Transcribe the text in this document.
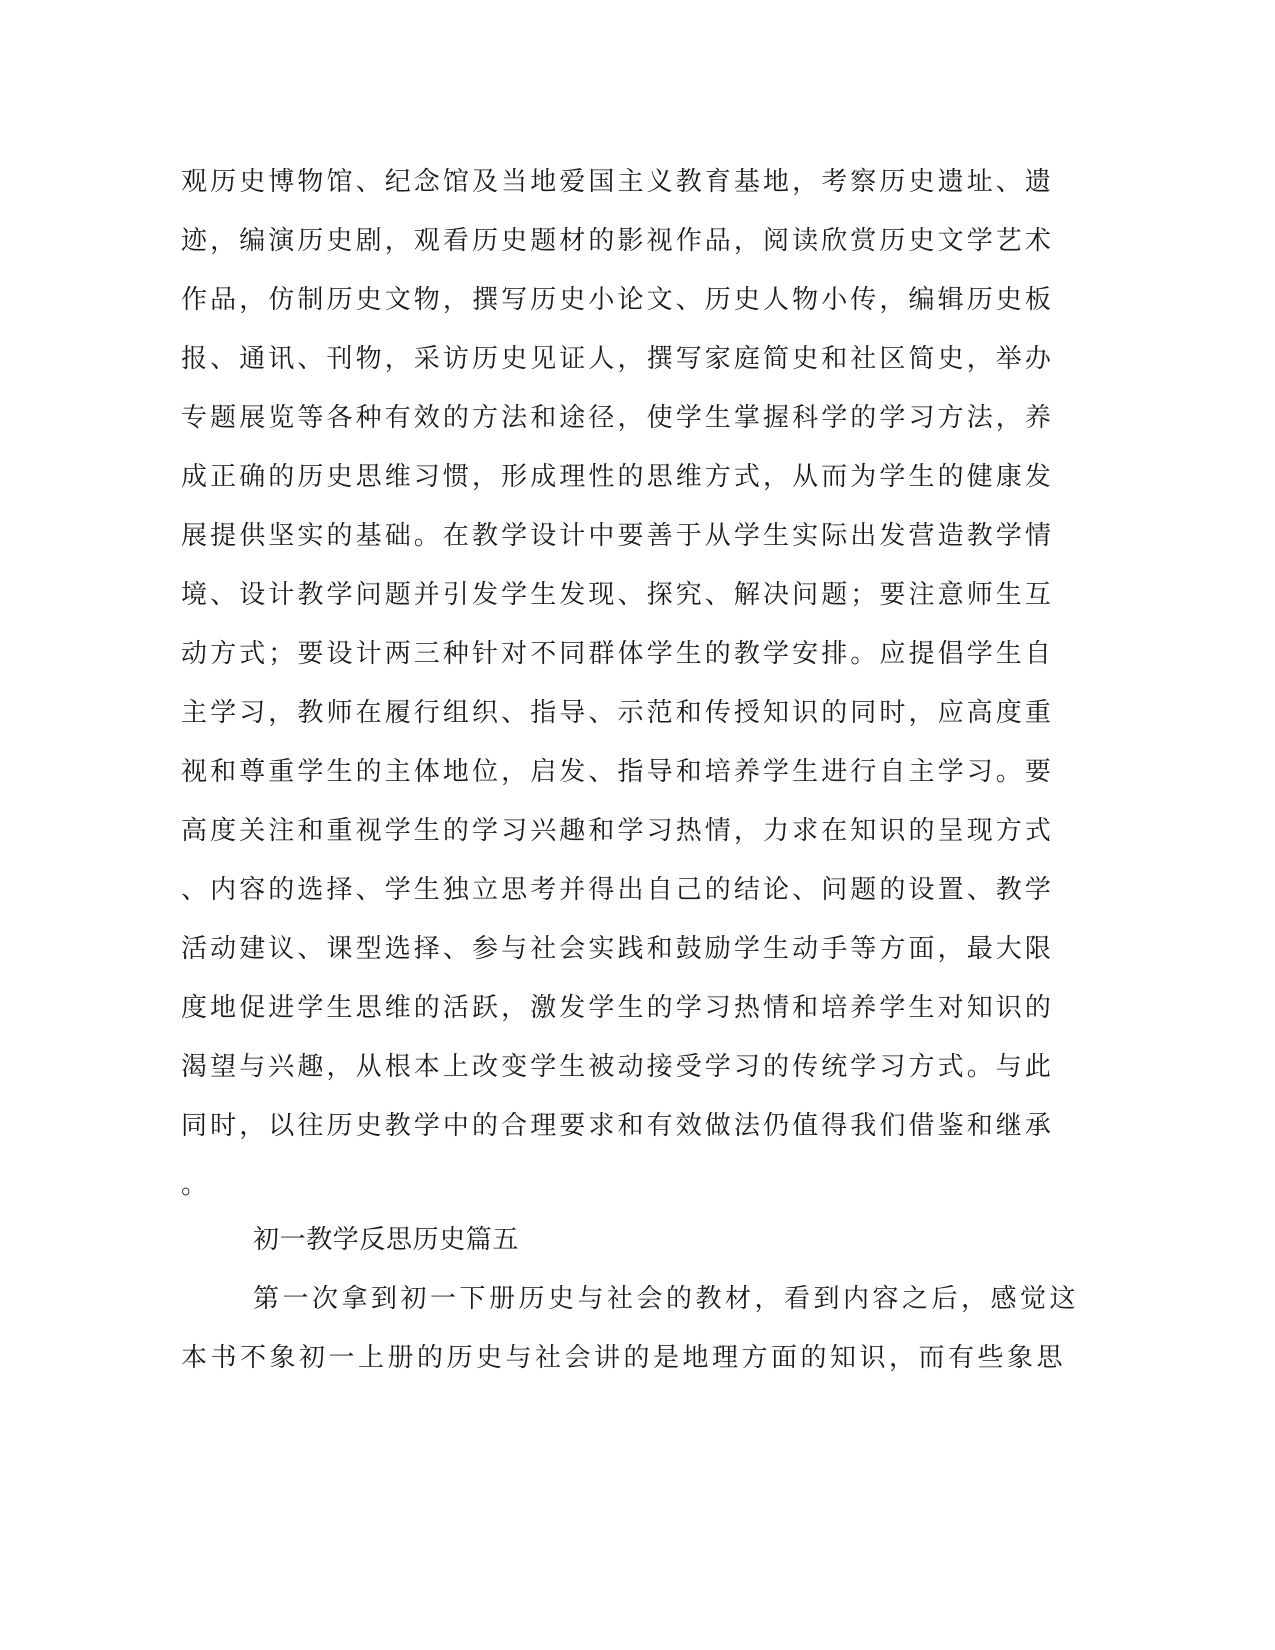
观历史博物馆、纪念馆及当地爱国主义教育基地，考察历史遗址、遗
迹，编演历史剧，观看历史题材的影视作品，阅读欣赏历史文学艺术
作品，仿制历史文物，撰写历史小论文、历史人物小传，编辑历史板
报、通讯、刊物，采访历史见证人，撰写家庭简史和社区简史，举办
专题展览等各种有效的方法和途径，使学生掌握科学的学习方法，养
成正确的历史思维习惯，形成理性的思维方式，从而为学生的健康发
展提供坚实的基础。在教学设计中要善于从学生实际出发营造教学情
境、设计教学问题并引发学生发现、探究、解决问题；要注意师生互
动方式；要设计两三种针对不同群体学生的教学安排。应提倡学生自
主学习，教师在履行组织、指导、示范和传授知识的同时，应高度重
视和尊重学生的主体地位，启发、指导和培养学生进行自主学习。要
高度关注和重视学生的学习兴趣和学习热情，力求在知识的呈现方式
、内容的选择、学生独立思考并得出自己的结论、问题的设置、教学
活动建议、课型选择、参与社会实践和鼓励学生动手等方面，最大限
度地促进学生思维的活跃，激发学生的学习热情和培养学生对知识的
渴望与兴趣，从根本上改变学生被动接受学习的传统学习方式。与此
同时，以往历史教学中的合理要求和有效做法仍值得我们借鉴和继承
。
初一教学反思历史篇五
第一次拿到初一下册历史与社会的教材，看到内容之后，感觉这
本书不象初一上册的历史与社会讲的是地理方面的知识，而有些象思
